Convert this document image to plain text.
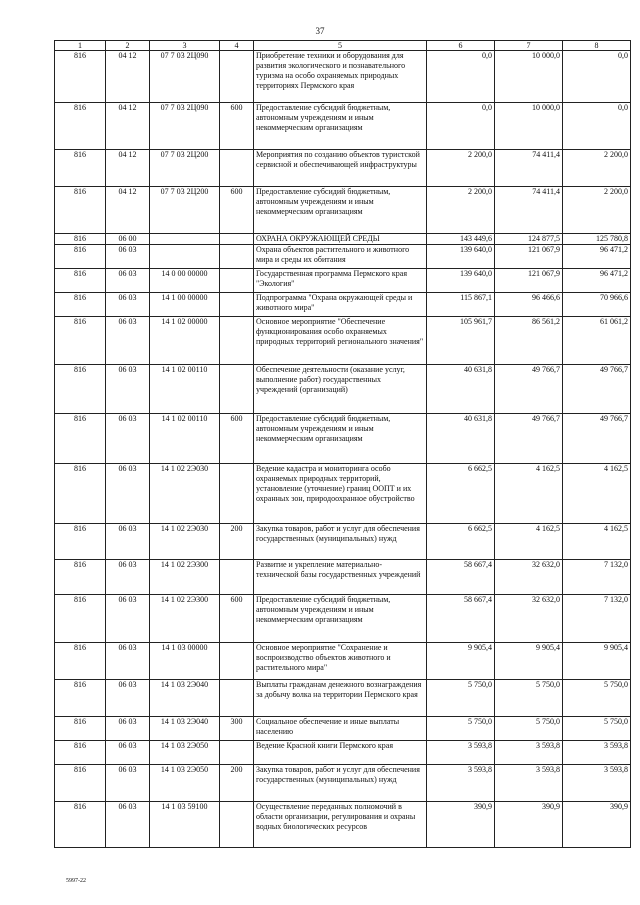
37
1	2	3	4	5	6	7	8
816	04 12	07 7 03 2Ц090		Приобретение техники и оборудования для развития экологического и познавательного туризма на особо охраняемых природных территориях Пермского края	0,0	10 000,0	0,0
816	04 12	07 7 03 2Ц090	600	Предоставление субсидий бюджетным, автономным учреждениям и иным некоммерческим организациям	0,0	10 000,0	0,0
816	04 12	07 7 03 2Ц200		Мероприятия по созданию объектов туристской сервисной и обеспечивающей инфраструктуры	2 200,0	74 411,4	2 200,0
816	04 12	07 7 03 2Ц200	600	Предоставление субсидий бюджетным, автономным учреждениям и иным некоммерческим организациям	2 200,0	74 411,4	2 200,0
816	06 00			ОХРАНА ОКРУЖАЮЩЕЙ СРЕДЫ	143 449,6	124 877,5	125 780,8
816	06 03			Охрана объектов растительного и животного мира и среды их обитания	139 640,0	121 067,9	96 471,2
816	06 03	14 0 00 00000		Государственная программа Пермского края "Экология"	139 640,0	121 067,9	96 471,2
816	06 03	14 1 00 00000		Подпрограмма "Охрана окружающей среды и животного мира"	115 867,1	96 466,6	70 966,6
816	06 03	14 1 02 00000		Основное мероприятие "Обеспечение функционирования особо охраняемых природных территорий регионального значения"	105 961,7	86 561,2	61 061,2
816	06 03	14 1 02 00110		Обеспечение деятельности (оказание услуг, выполнение работ) государственных учреждений (организаций)	40 631,8	49 766,7	49 766,7
816	06 03	14 1 02 00110	600	Предоставление субсидий бюджетным, автономным учреждениям и иным некоммерческим организациям	40 631,8	49 766,7	49 766,7
816	06 03	14 1 02 2Э030		Ведение кадастра и мониторинга особо охраняемых природных территорий, установление (уточнение) границ ООПТ и их охранных зон, природоохранное обустройство	6 662,5	4 162,5	4 162,5
816	06 03	14 1 02 2Э030	200	Закупка товаров, работ и услуг для обеспечения государственных (муниципальных) нужд	6 662,5	4 162,5	4 162,5
816	06 03	14 1 02 2Э300		Развитие и укрепление материально-технической базы государственных учреждений	58 667,4	32 632,0	7 132,0
816	06 03	14 1 02 2Э300	600	Предоставление субсидий бюджетным, автономным учреждениям и иным некоммерческим организациям	58 667,4	32 632,0	7 132,0
816	06 03	14 1 03 00000		Основное мероприятие "Сохранение и воспроизводство объектов животного и растительного мира"	9 905,4	9 905,4	9 905,4
816	06 03	14 1 03 2Э040		Выплаты гражданам денежного вознаграждения за добычу волка на территории Пермского края	5 750,0	5 750,0	5 750,0
816	06 03	14 1 03 2Э040	300	Социальное обеспечение и иные выплаты населению	5 750,0	5 750,0	5 750,0
816	06 03	14 1 03 2Э050		Ведение Красной книги Пермского края	3 593,8	3 593,8	3 593,8
816	06 03	14 1 03 2Э050	200	Закупка товаров, работ и услуг для обеспечения государственных (муниципальных) нужд	3 593,8	3 593,8	3 593,8
816	06 03	14 1 03 59100		Осуществление переданных полномочий в области организации, регулирования и охраны водных биологических ресурсов	390,9	390,9	390,9
5997-22
